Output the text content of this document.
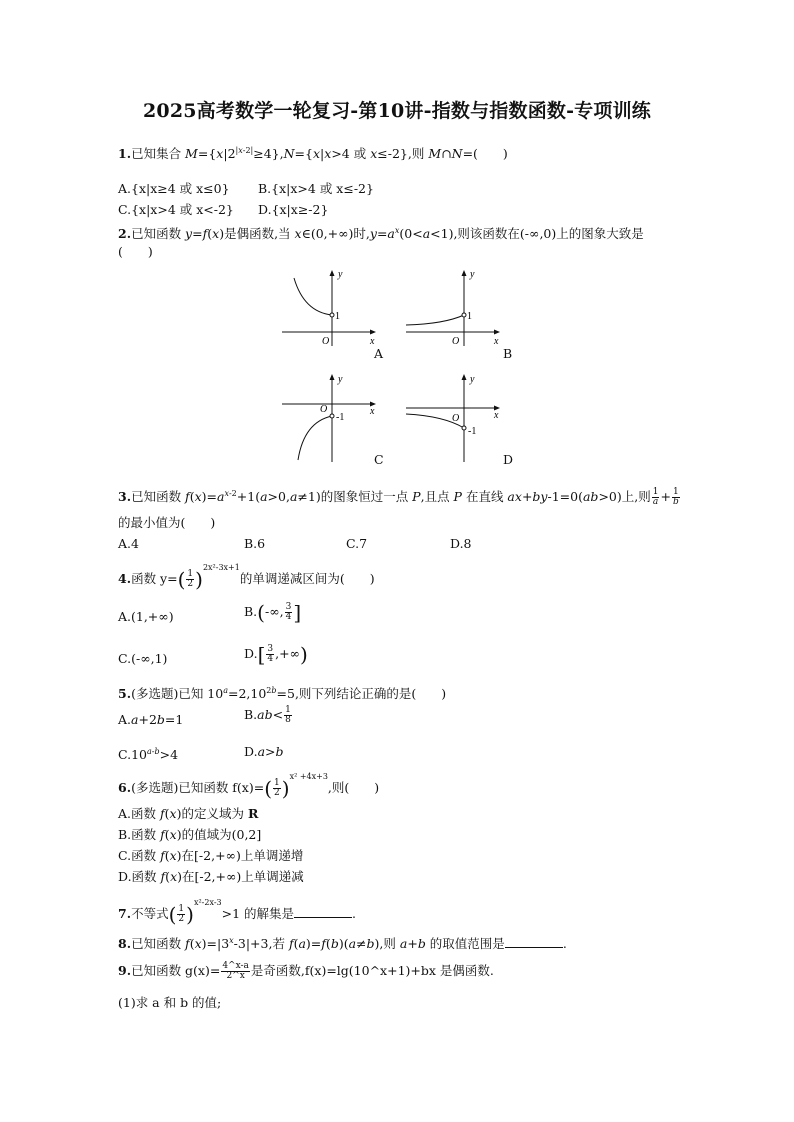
2025高考数学一轮复习-第10讲-指数与指数函数-专项训练
1.已知集合 $M=\{x|2^{|x-2|}\ge 4\},N=\{x|x>4$ 或 x≤-2},则 M∩N=(　　)
A.{x|x≥4 或 x≤0} B.{x|x>4 或 x≤-2}
C.{x|x>4 或 x<-2} D.{x|x≥-2}
2.已知函数 y=f(x)是偶函数,当 x∈(0,+∞)时$,y=a^x(0<a<1)$,则该函数在(-∞,0)上的图象大致是
(　　)
y
x
O
1
A
y
x
O
1
B
y
x
O
-1
C
y
x
O
-1
D
3.已知函数 $f(x)=a^{x-2}+1(a>0,a\ne 1)$的图象恒过一点 P,且点 P 在直线 ax+by-1=0(ab>0)上,则 $\frac{1}{a} + \frac{1}{b}$
的最小值为(　　)
A.4	B.6	C.7	D.8
4.函数 $y=( \frac{1}{2} )^{2x^2-3x+1}$的单调递减区间为(　　)
A.(1,+∞)	B.(-∞, $\frac{3}{4}$ ]
C.(-∞,1)	$D.[ \frac{3}{4}$ ,+∞)
5.(多选题)已知 $10^a=2,10^{2b}=5$,则下列结论正确的是(　　)
A.a+2b=1	$B.ab< \frac{1}{8}$
$C.10^{a-b}>4$	D.a>b
6.(多选题)已知函数 $f(x)=( \frac{1}{2} )^{x^2 +4x+3}$,则(　　)
A.函数 f(x)的定义域为 R
B.函数 f(x)的值域为(0,2]
C.函数 f(x)在[-2,+∞)上单调递增
D.函数 f(x)在[-2,+∞)上单调递减
7.不等式( $\frac{1}{2} )^{x^2-2x-3}>1$ 的解集是	.
8.已知函数 $f(x)=|3^x-3|+3$,若 f(a)=f(b)(a≠b),则 a+b 的取值范围是	.
9.已知函数 $g(x)= \frac{4\^{}x-a}{2\^{}x}$ 是奇函数,f(x)=lg(10^x+1)+bx 是偶函数.
(1)求 a 和 b 的值;
